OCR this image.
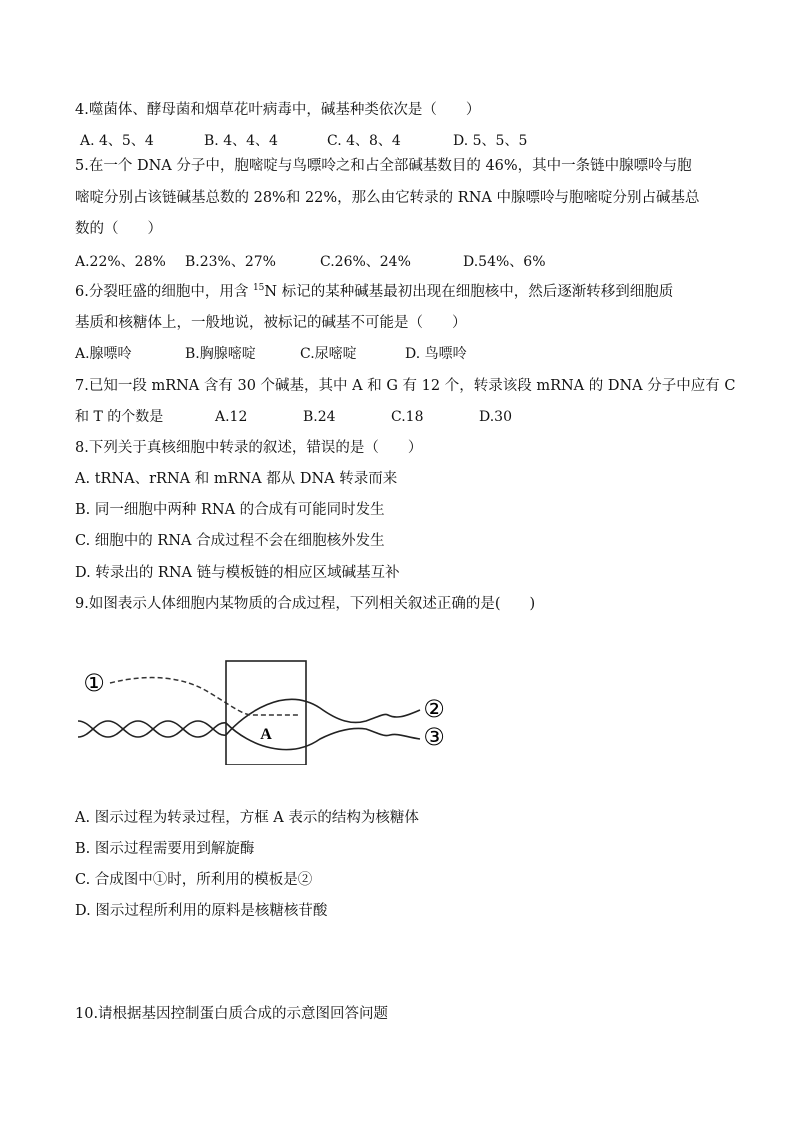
4.噬菌体、酵母菌和烟草花叶病毒中，碱基种类依次是（　　）
A. 4、5、4	B. 4、4、4	C. 4、8、4	D. 5、5、5
5.在一个 DNA 分子中，胞嘧啶与鸟嘌呤之和占全部碱基数目的 46%，其中一条链中腺嘌呤与胞
嘧啶分别占该链碱基总数的 28%和 22%，那么由它转录的 RNA 中腺嘌呤与胞嘧啶分别占碱基总
数的（　　）
A.22%、28% B.23%、27%	C.26%、24%	D.54%、6%
6.分裂旺盛的细胞中，用含 $^{15}$N 标记的某种碱基最初出现在细胞核中，然后逐渐转移到细胞质
基质和核糖体上，一般地说，被标记的碱基不可能是（　　）
A.腺嘌呤	B.胸腺嘧啶	C.尿嘧啶	D. 鸟嘌呤
7.已知一段 mRNA 含有 30 个碱基，其中 A 和 G 有 12 个，转录该段 mRNA 的 DNA 分子中应有 C
和 T 的个数是	A.12	B.24	C.18	D.30
8.下列关于真核细胞中转录的叙述，错误的是（　　）
A. tRNA、rRNA 和 mRNA 都从 DNA 转录而来
B. 同一细胞中两种 RNA 的合成有可能同时发生
C. 细胞中的 RNA 合成过程不会在细胞核外发生
D. 转录出的 RNA 链与模板链的相应区域碱基互补
9.如图表示人体细胞内某物质的合成过程，下列相关叙述正确的是(　　)
A
①
②
③
A. 图示过程为转录过程，方框 A 表示的结构为核糖体
B. 图示过程需要用到解旋酶
C. 合成图中①时，所利用的模板是②
D. 图示过程所利用的原料是核糖核苷酸
10.请根据基因控制蛋白质合成的示意图回答问题
